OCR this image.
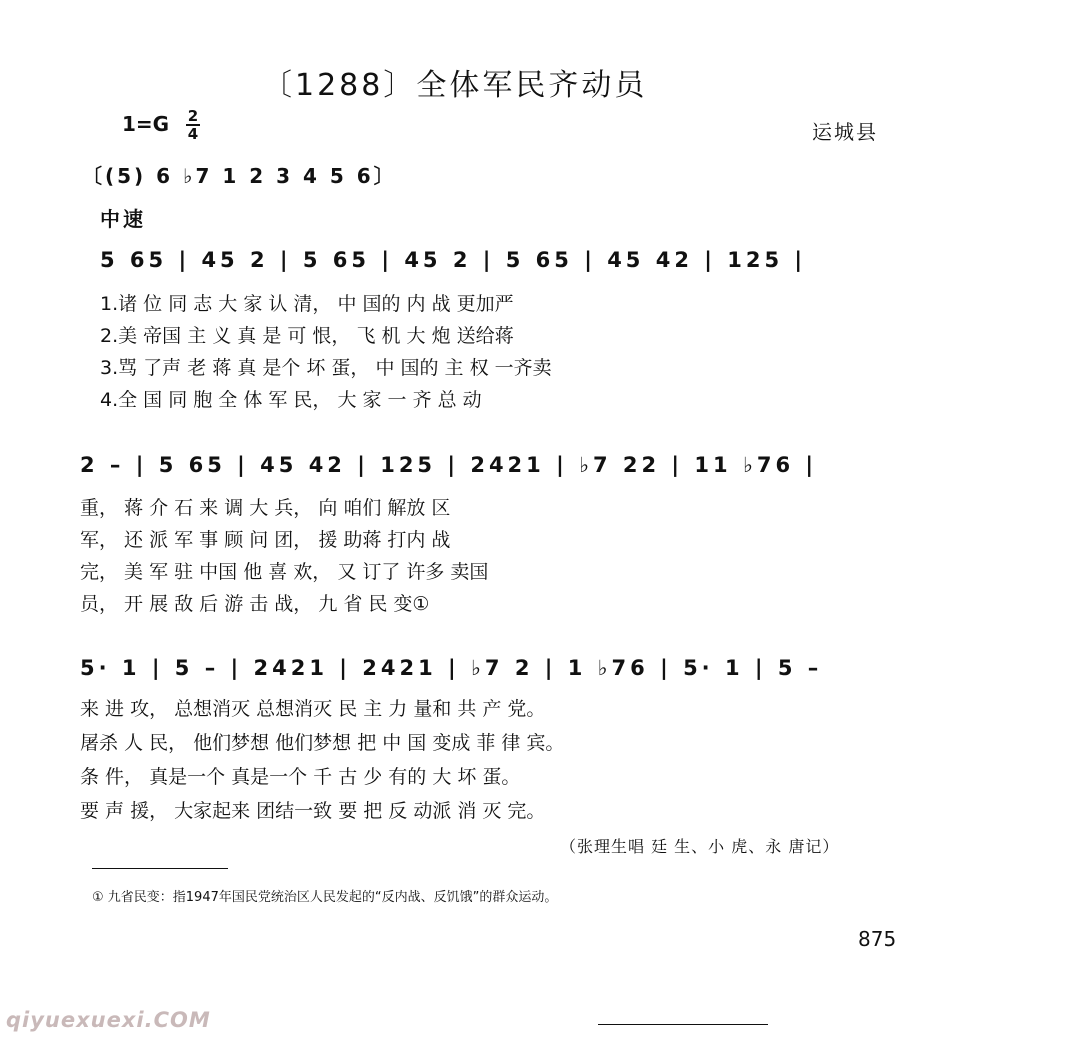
〔1288〕全体军民齐动员
1=G 2
4	运城县
〔(5) 6 ♭7 1 2 3 4 5 6〕
中速
5 65 | 45 2 | 5 65 | 45 2 | 5 65 | 45 42 | 125 |
1.诸 位 同 志 大 家 认 清， 中 国的 内 战 更加严
2.美 帝国 主 义 真 是 可 恨， 飞 机 大 炮 送给蒋
3.骂 了声 老 蒋 真 是个 坏 蛋， 中 国的 主 权 一齐卖
4.全 国 同 胞 全 体 军 民， 大 家 一 齐 总 动
2 – | 5 65 | 45 42 | 125 | 2421 | ♭7 22 | 11 ♭76 |
重， 蒋 介 石 来 调 大 兵， 向 咱们 解放 区
军， 还 派 军 事 顾 问 团， 援 助蒋 打内 战
完， 美 军 驻 中国 他 喜 欢， 又 订了 许多 卖国
员， 开 展 敌 后 游 击 战， 九 省 民 变①
5· 1 | 5 – | 2421 | 2421 | ♭7 2 | 1 ♭76 | 5· 1 | 5 –
来 进 攻， 总想消灭 总想消灭 民 主 力 量和 共 产 党。
屠杀 人 民， 他们梦想 他们梦想 把 中 国 变成 菲 律 宾。
条 件， 真是一个 真是一个 千 古 少 有的 大 坏 蛋。
要 声 援， 大家起来 团结一致 要 把 反 动派 消 灭 完。
（张理生唱 廷 生、小 虎、永 唐记）
① 九省民变：指1947年国民党统治区人民发起的“反内战、反饥饿”的群众运动。
875
qiyuexuexi.COM
